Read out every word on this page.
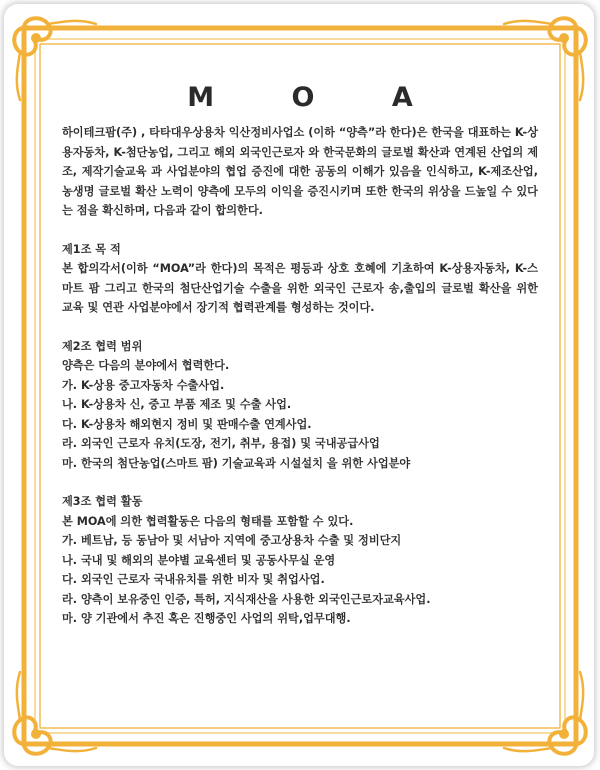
M O A

하이테크팜(주) , 타타대우상용차 익산정비사업소 (이하 “양측”라 한다)은 한국을 대표하는 K-상용자동차, K-첨단농업, 그리고 해외 외국인근로자 와 한국문화의 글로벌 확산과 연계된 산업의 제조, 제작기술교육 과 사업분야의 협업 증진에 대한 공동의 이해가 있음을 인식하고, K-제조산업, 농생명 글로벌 확산 노력이 양측에 모두의 이익을 증진시키며 또한 한국의 위상을 드높일 수 있다는 점을 확신하며, 다음과 같이 합의한다.

제1조 목 적

본 합의각서(이하 “MOA”라 한다)의 목적은 평등과 상호 호혜에 기초하여 K-상용자동차, K-스마트 팜 그리고 한국의 첨단산업기술 수출을 위한 외국인 근로자 송,출입의 글로벌 확산을 위한 교육 및 연관 사업분야에서 장기적 협력관계를 형성하는 것이다.

제2조 협력 범위

양측은 다음의 분야에서 협력한다.

가. K-상용 중고자동차 수출사업.

나. K-상용차 신, 중고 부품 제조 및 수출 사업.

다. K-상용차 해외현지 정비 및 판매수출 연계사업.

라. 외국인 근로자 유치(도장, 전기, 취부, 용접) 및 국내공급사업

마. 한국의 첨단농업(스마트 팜) 기술교육과 시설설치 을 위한 사업분야

제3조 협력 활동

본 MOA에 의한 협력활동은 다음의 형태를 포함할 수 있다.

가. 베트남, 등 동남아 및 서남아 지역에 중고상용차 수출 및 정비단지

나. 국내 및 해외의 분야별 교육센터 및 공동사무실 운영

다. 외국인 근로자 국내유치를 위한 비자 및 취업사업.

라. 양측이 보유중인 인증, 특허, 지식재산을 사용한 외국인근로자교육사업.

마. 양 기관에서 추진 혹은 진행중인 사업의 위탁,업무대행.
